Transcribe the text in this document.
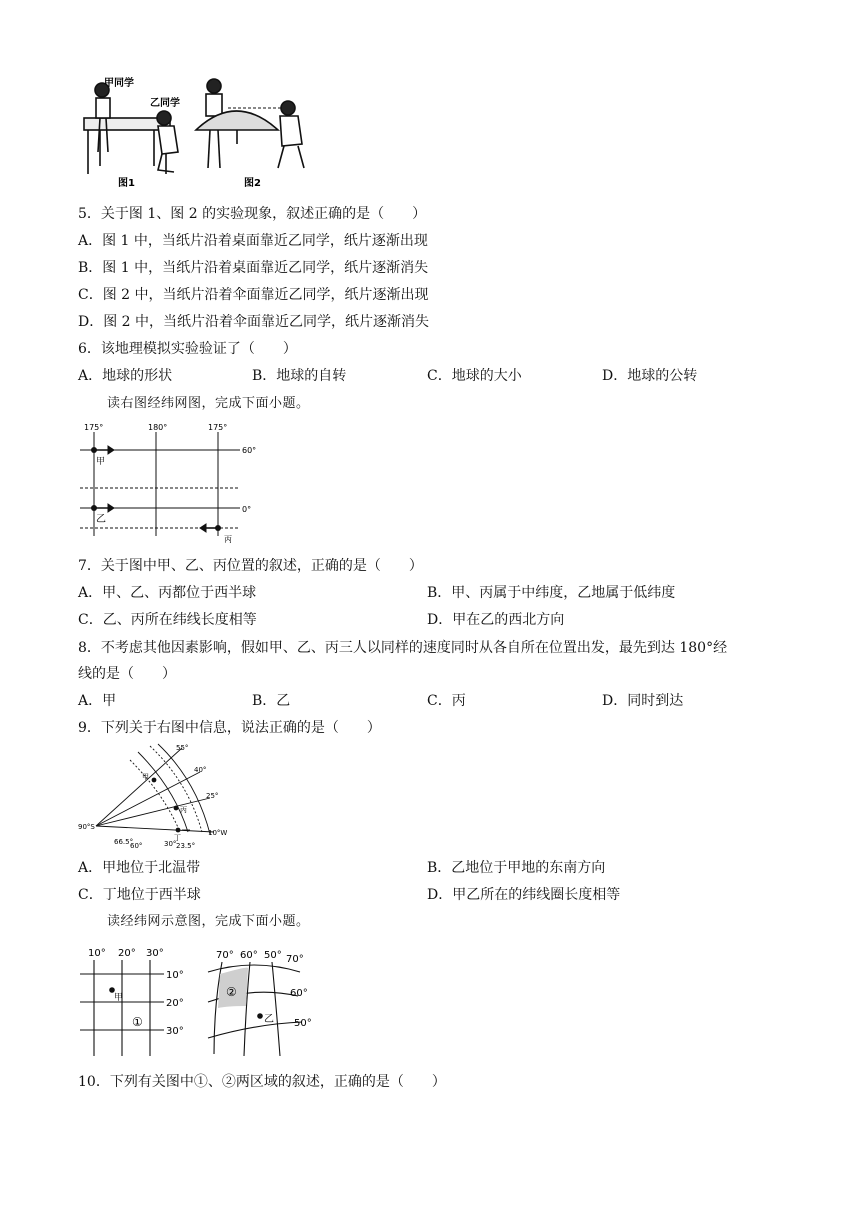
甲同学
乙同学
图1	图2
5．关于图 1、图 2 的实验现象，叙述正确的是（　　）
A．图 1 中，当纸片沿着桌面靠近乙同学，纸片逐渐出现
B．图 1 中，当纸片沿着桌面靠近乙同学，纸片逐渐消失
C．图 2 中，当纸片沿着伞面靠近乙同学，纸片逐渐出现
D．图 2 中，当纸片沿着伞面靠近乙同学，纸片逐渐消失
6．该地理模拟实验验证了（　　）
A．地球的形状	B．地球的自转	C．地球的大小	D．地球的公转
读右图经纬网图，完成下面小题。
175°	180°	175°
60°
0°
甲
乙
丙
7．关于图中甲、乙、丙位置的叙述，正确的是（　　）
A．甲、乙、丙都位于西半球	B．甲、丙属于中纬度，乙地属于低纬度
C．乙、丙所在纬线长度相等	D．甲在乙的西北方向
8．不考虑其他因素影响，假如甲、乙、丙三人以同样的速度同时从各自所在位置出发，最先到达 180°经
线的是（　　）
A．甲	B．乙	C．丙	D．同时到达
9．下列关于右图中信息，说法正确的是（　　）
90°S
55°
40°
25°
10°W
66.5°
60°	30° 23.5°
甲
丙
丁
A．甲地位于北温带	B．乙地位于甲地的东南方向
C．丁地位于西半球	D．甲乙所在的纬线圈长度相等
读经纬网示意图，完成下面小题。
10° 20° 30°
10°
20°
30°
甲
①
70° 60° 50° 70°
60°
50°
②
乙
10．下列有关图中①、②两区域的叙述，正确的是（　　）
